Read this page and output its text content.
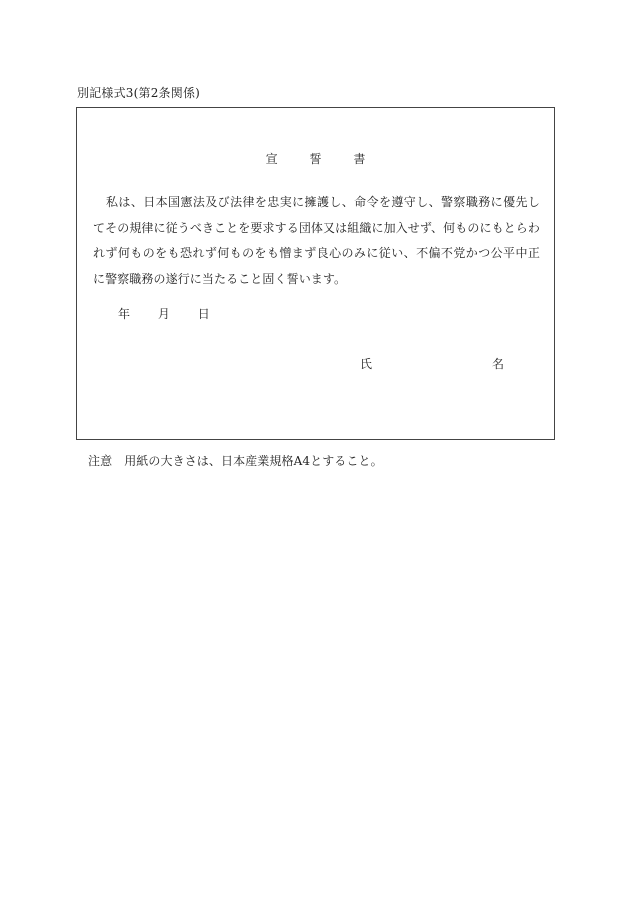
別記様式3(第2条関係)
宣	誓	書
私は、日本国憲法及び法律を忠実に擁護し、命令を遵守し、警察職務に優先してその規律に従うべきことを要求する団体又は組織に加入せず、何ものにもとらわれず何ものをも恐れず何ものをも憎まず良心のみに従い、不偏不党かつ公平中正に警察職務の遂行に当たること固く誓います。
年 月 日
氏	名
注意 用紙の大きさは、日本産業規格A4とすること。
